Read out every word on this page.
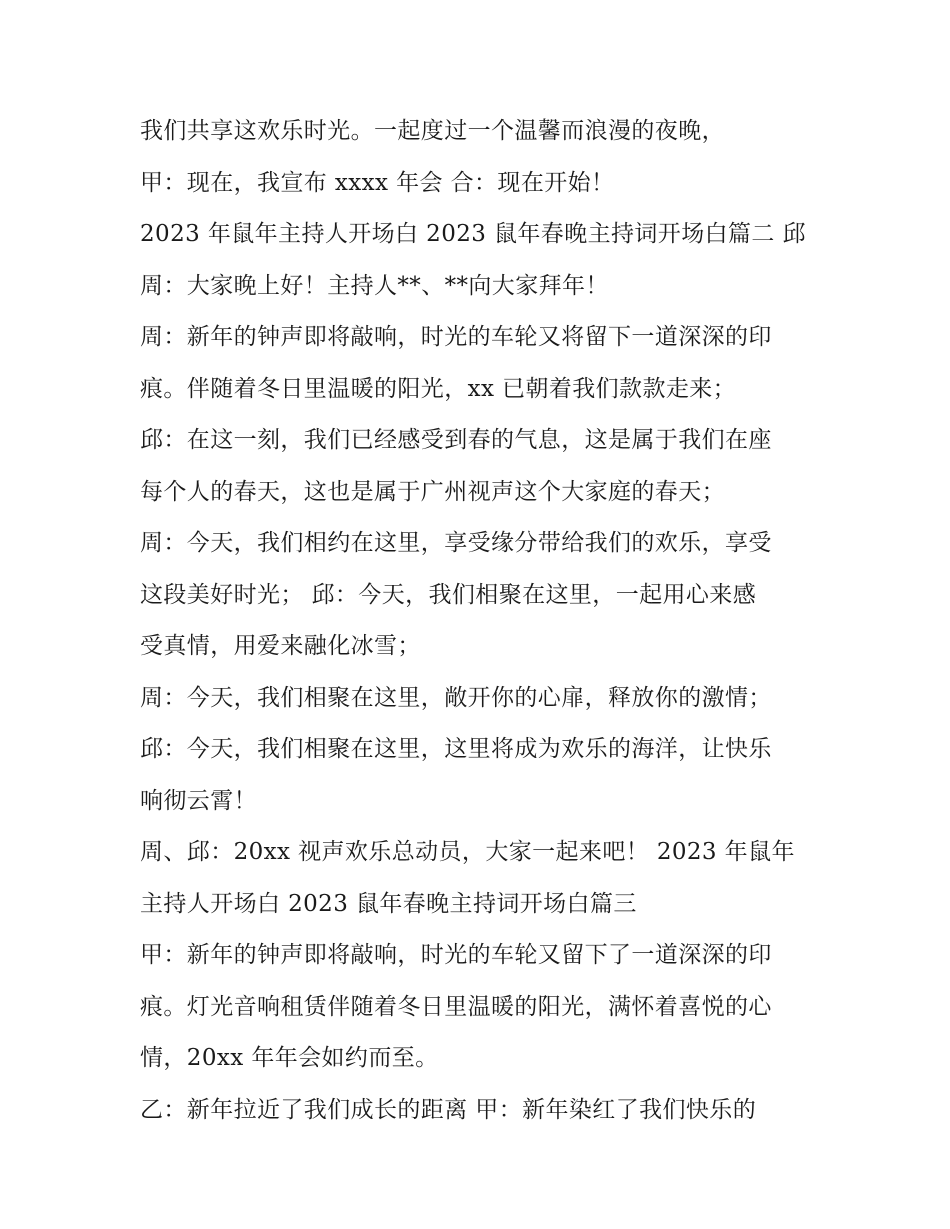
我们共享这欢乐时光。一起度过一个温馨而浪漫的夜晚，
甲：现在，我宣布 xxxx 年会 合：现在开始！
2023 年鼠年主持人开场白 2023 鼠年春晚主持词开场白篇二 邱
周：大家晚上好！主持人**、**向大家拜年！
周：新年的钟声即将敲响，时光的车轮又将留下一道深深的印
痕。伴随着冬日里温暖的阳光，xx 已朝着我们款款走来；
邱：在这一刻，我们已经感受到春的气息，这是属于我们在座
每个人的春天，这也是属于广州视声这个大家庭的春天；
周：今天，我们相约在这里，享受缘分带给我们的欢乐，享受
这段美好时光； 邱：今天，我们相聚在这里，一起用心来感
受真情，用爱来融化冰雪；
周：今天，我们相聚在这里，敞开你的心扉，释放你的激情；
邱：今天，我们相聚在这里，这里将成为欢乐的海洋，让快乐
响彻云霄！
周、邱：20xx 视声欢乐总动员，大家一起来吧！ 2023 年鼠年
主持人开场白 2023 鼠年春晚主持词开场白篇三
甲：新年的钟声即将敲响，时光的车轮又留下了一道深深的印
痕。灯光音响租赁伴随着冬日里温暖的阳光，满怀着喜悦的心
情，20xx 年年会如约而至。
乙：新年拉近了我们成长的距离 甲：新年染红了我们快乐的
